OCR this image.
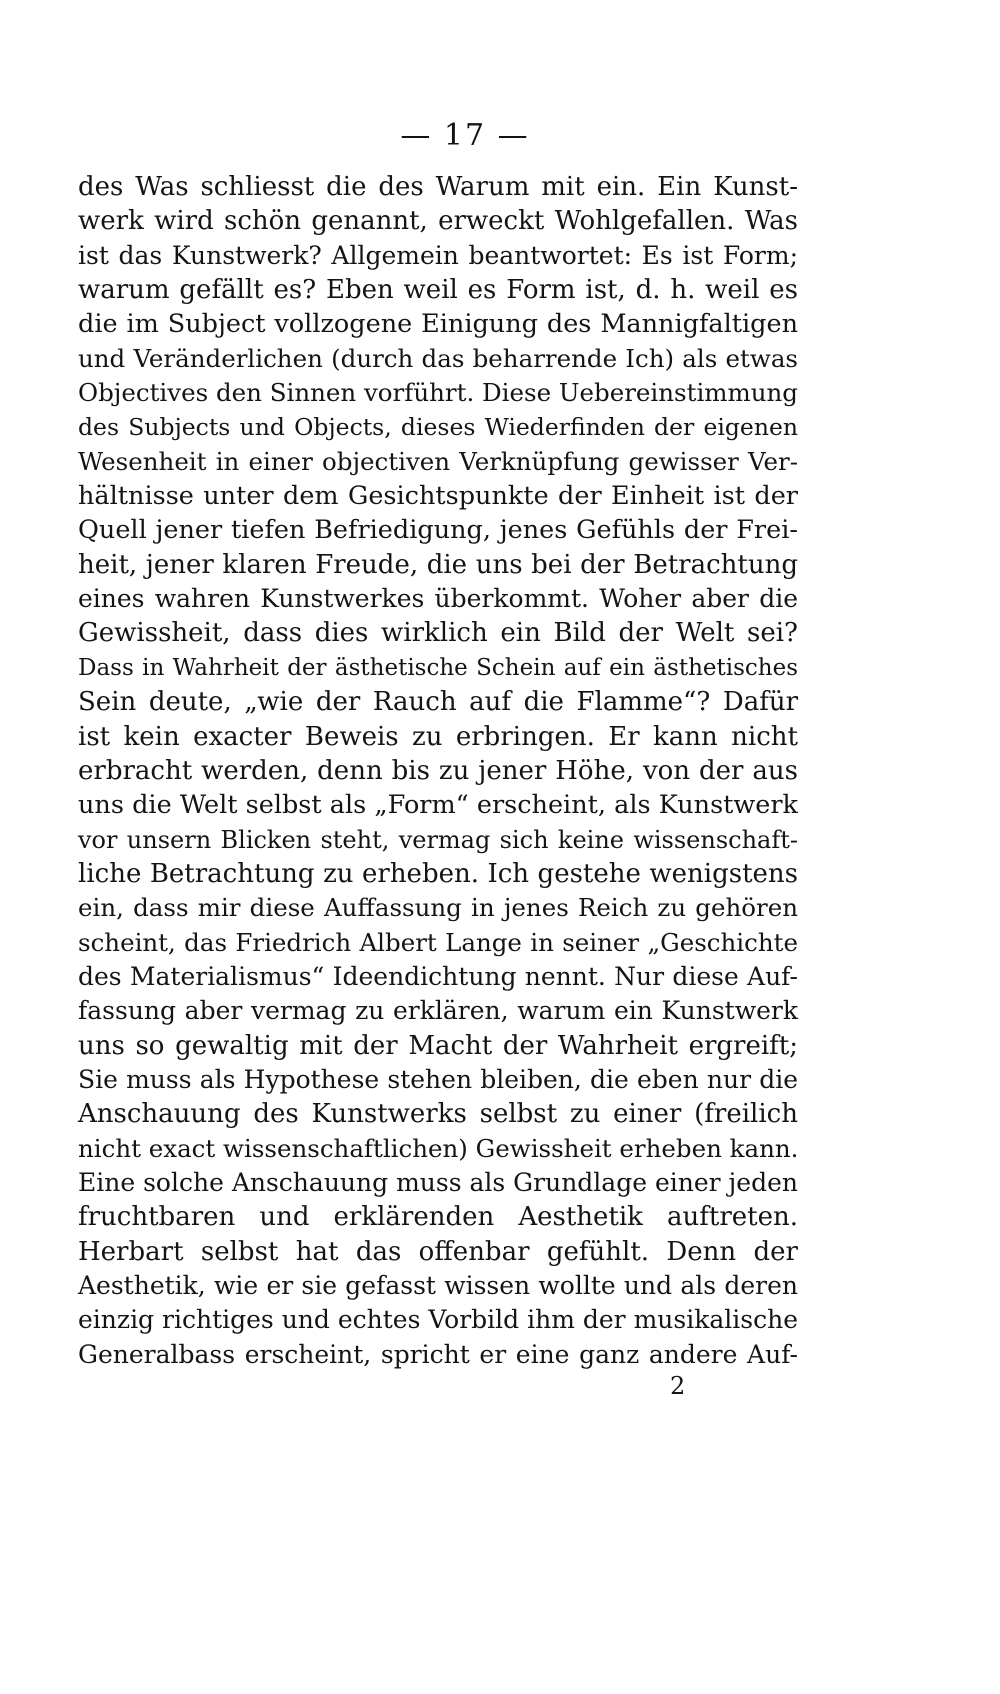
— 17 —
des Was schliesst die des Warum mit ein. Ein Kunst-
werk wird schön genannt, erweckt Wohlgefallen. Was
ist das Kunstwerk? Allgemein beantwortet: Es ist Form;
warum gefällt es? Eben weil es Form ist, d. h. weil es
die im Subject vollzogene Einigung des Mannigfaltigen
und Veränderlichen (durch das beharrende Ich) als etwas
Objectives den Sinnen vorführt. Diese Uebereinstimmung
des Subjects und Objects, dieses Wiederfinden der eigenen
Wesenheit in einer objectiven Verknüpfung gewisser Ver-
hältnisse unter dem Gesichtspunkte der Einheit ist der
Quell jener tiefen Befriedigung, jenes Gefühls der Frei-
heit, jener klaren Freude, die uns bei der Betrachtung
eines wahren Kunstwerkes überkommt. Woher aber die
Gewissheit, dass dies wirklich ein Bild der Welt sei?
Dass in Wahrheit der ästhetische Schein auf ein ästhetisches
Sein deute, „wie der Rauch auf die Flamme“? Dafür
ist kein exacter Beweis zu erbringen. Er kann nicht
erbracht werden, denn bis zu jener Höhe, von der aus
uns die Welt selbst als „Form“ erscheint, als Kunstwerk
vor unsern Blicken steht, vermag sich keine wissenschaft-
liche Betrachtung zu erheben. Ich gestehe wenigstens
ein, dass mir diese Auffassung in jenes Reich zu gehören
scheint, das Friedrich Albert Lange in seiner „Geschichte
des Materialismus“ Ideendichtung nennt. Nur diese Auf-
fassung aber vermag zu erklären, warum ein Kunstwerk
uns so gewaltig mit der Macht der Wahrheit ergreift;
Sie muss als Hypothese stehen bleiben, die eben nur die
Anschauung des Kunstwerks selbst zu einer (freilich
nicht exact wissenschaftlichen) Gewissheit erheben kann.
Eine solche Anschauung muss als Grundlage einer jeden
fruchtbaren und erklärenden Aesthetik auftreten.
Herbart selbst hat das offenbar gefühlt. Denn der
Aesthetik, wie er sie gefasst wissen wollte und als deren
einzig richtiges und echtes Vorbild ihm der musikalische
Generalbass erscheint, spricht er eine ganz andere Auf-
2
